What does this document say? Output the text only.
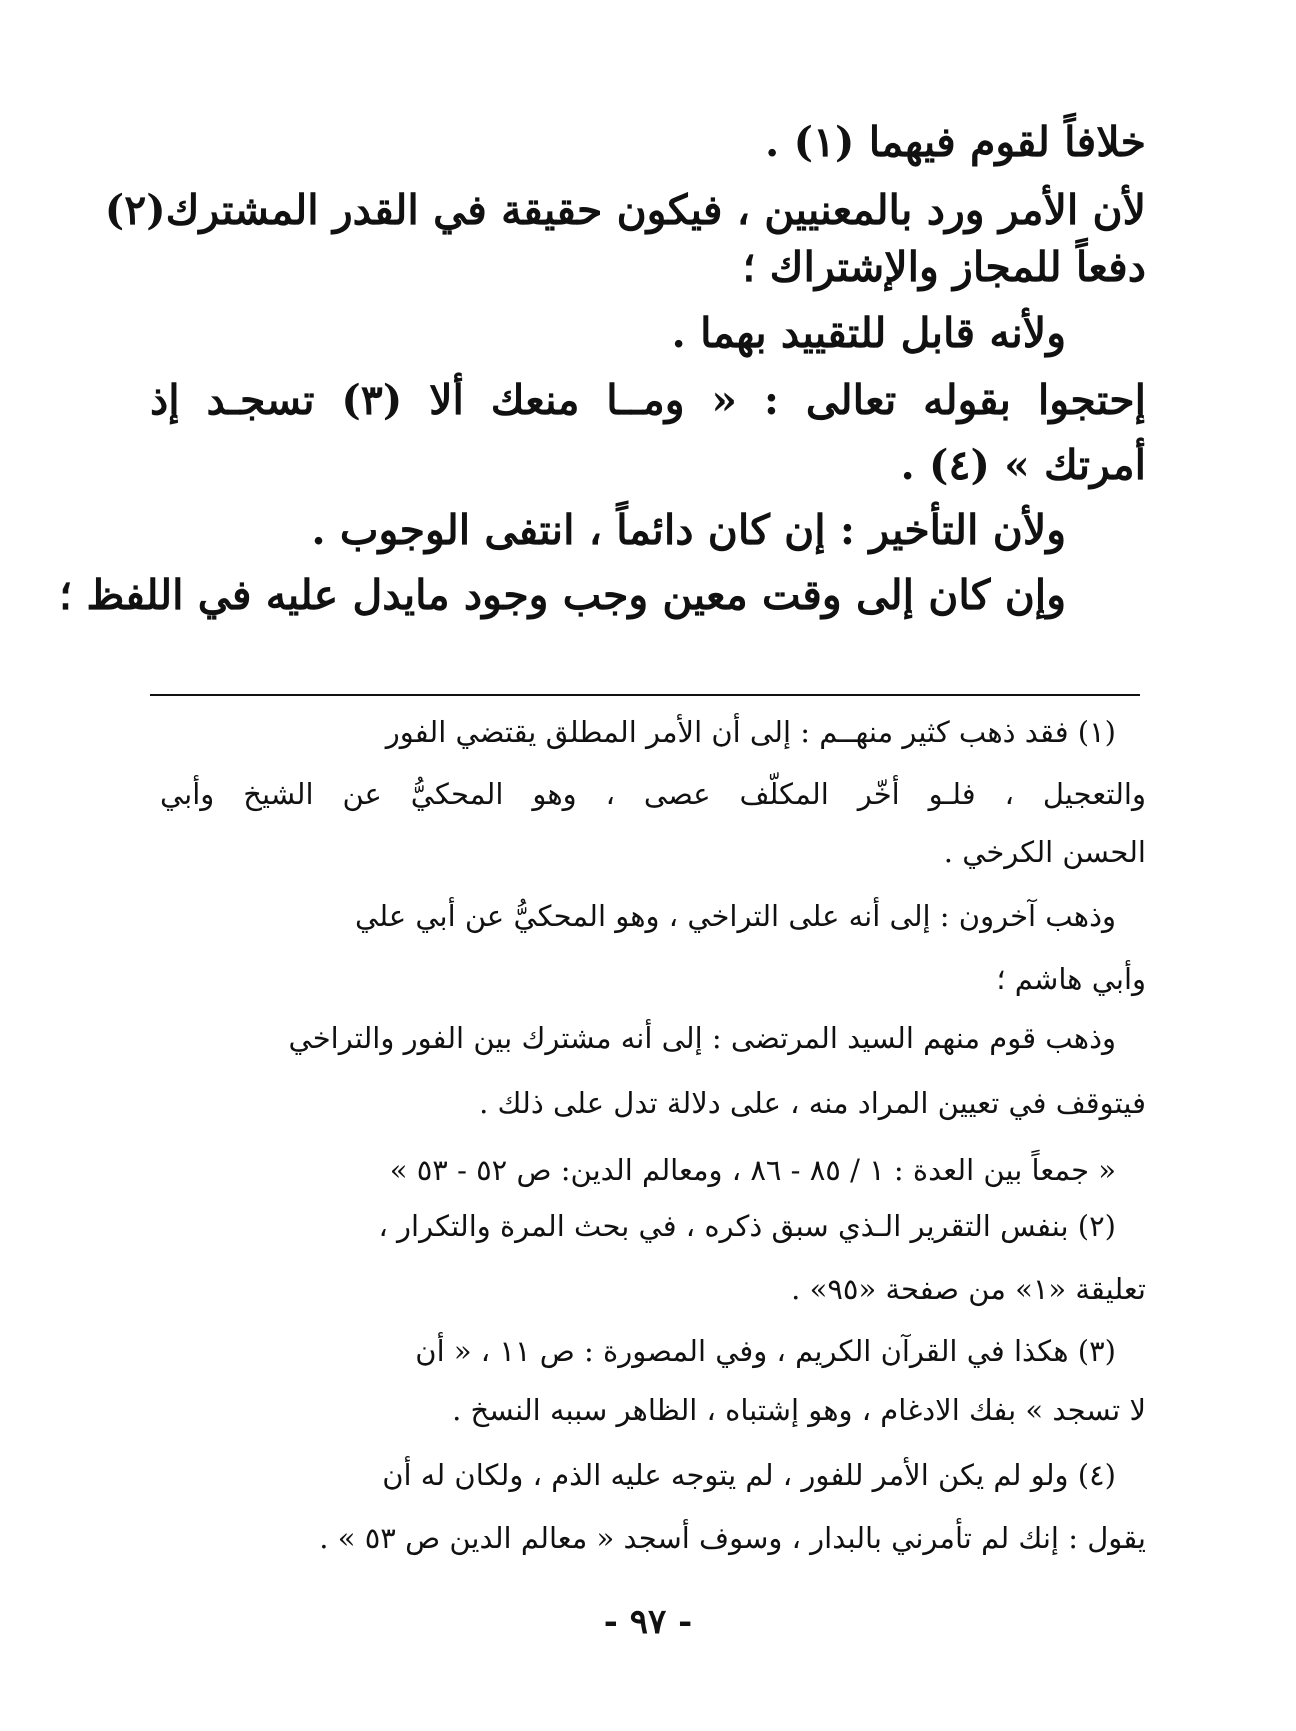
خلافاً لقوم فيهما (١) .
لأن الأمر ورد بالمعنيين ، فيكون حقيقة في القدر المشترك(٢)
دفعاً للمجاز والإشتراك ؛
ولأنه قابل للتقييد بهما .
إحتجوا بقوله تعالى : « ومــا منعك ألا (٣) تسجـد إذ
أمرتك » (٤) .
ولأن التأخير : إن كان دائماً ، انتفى الوجوب .
وإن كان إلى وقت معين وجب وجود مايدل عليه في اللفظ ؛
(١) فقد ذهب كثير منهــم : إلى أن الأمر المطلق يقتضي الفور
والتعجيل ، فلـو أخّر المكلّف عصى ، وهو المحكيُّ عن الشيخ وأبي
الحسن الكرخي .
وذهب آخرون : إلى أنه على التراخي ، وهو المحكيُّ عن أبي علي
وأبي هاشم ؛
وذهب قوم منهم السيد المرتضى : إلى أنه مشترك بين الفور والتراخي
فيتوقف في تعيين المراد منه ، على دلالة تدل على ذلك .
« جمعاً بين العدة : ١ / ٨٥ - ٨٦ ، ومعالم الدين: ص ٥٢ - ٥٣ »
(٢) بنفس التقرير الـذي سبق ذكره ، في بحث المرة والتكرار ،
تعليقة «١» من صفحة «٩٥» .
(٣) هكذا في القرآن الكريم ، وفي المصورة : ص ١١ ، « أن
لا تسجد » بفك الادغام ، وهو إشتباه ، الظاهر سببه النسخ .
(٤) ولو لم يكن الأمر للفور ، لم يتوجه عليه الذم ، ولكان له أن
يقول : إنك لم تأمرني بالبدار ، وسوف أسجد « معالم الدين ص ٥٣ » .
- ٩٧ -
